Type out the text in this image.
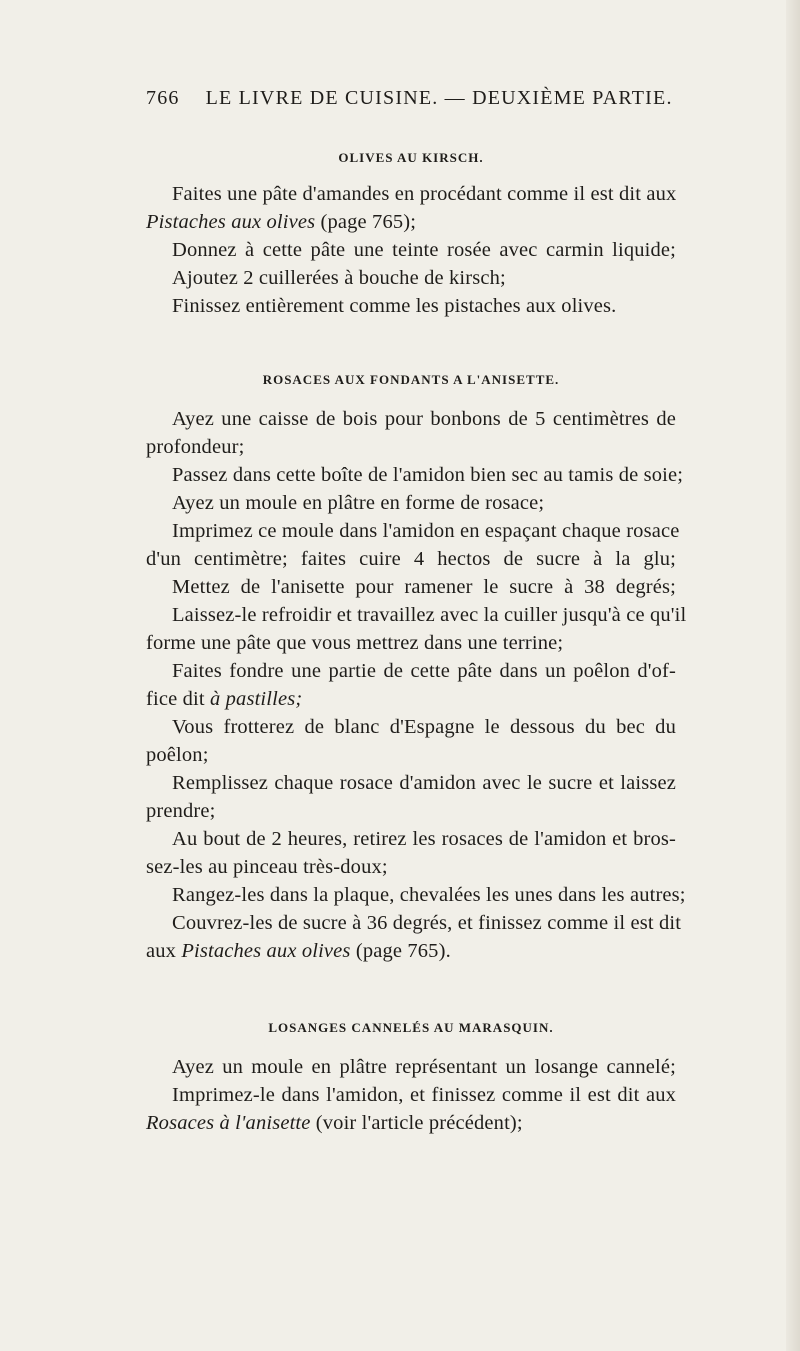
766 LE LIVRE DE CUISINE. — DEUXIÈME PARTIE.
OLIVES AU KIRSCH.
Faites une pâte d'amandes en procédant comme il est dit aux
Pistaches aux olives (page 765);
Donnez à cette pâte une teinte rosée avec carmin liquide;
Ajoutez 2 cuillerées à bouche de kirsch;
Finissez entièrement comme les pistaches aux olives.
ROSACES AUX FONDANTS A L'ANISETTE.
Ayez une caisse de bois pour bonbons de 5 centimètres de
profondeur;
Passez dans cette boîte de l'amidon bien sec au tamis de soie;
Ayez un moule en plâtre en forme de rosace;
Imprimez ce moule dans l'amidon en espaçant chaque rosace
d'un centimètre; faites cuire 4 hectos de sucre à la glu;
Mettez de l'anisette pour ramener le sucre à 38 degrés;
Laissez-le refroidir et travaillez avec la cuiller jusqu'à ce qu'il
forme une pâte que vous mettrez dans une terrine;
Faites fondre une partie de cette pâte dans un poêlon d'of-
fice dit à pastilles;
Vous frotterez de blanc d'Espagne le dessous du bec du
poêlon;
Remplissez chaque rosace d'amidon avec le sucre et laissez
prendre;
Au bout de 2 heures, retirez les rosaces de l'amidon et bros-
sez-les au pinceau très-doux;
Rangez-les dans la plaque, chevalées les unes dans les autres;
Couvrez-les de sucre à 36 degrés, et finissez comme il est dit
aux Pistaches aux olives (page 765).
LOSANGES CANNELÉS AU MARASQUIN.
Ayez un moule en plâtre représentant un losange cannelé;
Imprimez-le dans l'amidon, et finissez comme il est dit aux
Rosaces à l'anisette (voir l'article précédent);
